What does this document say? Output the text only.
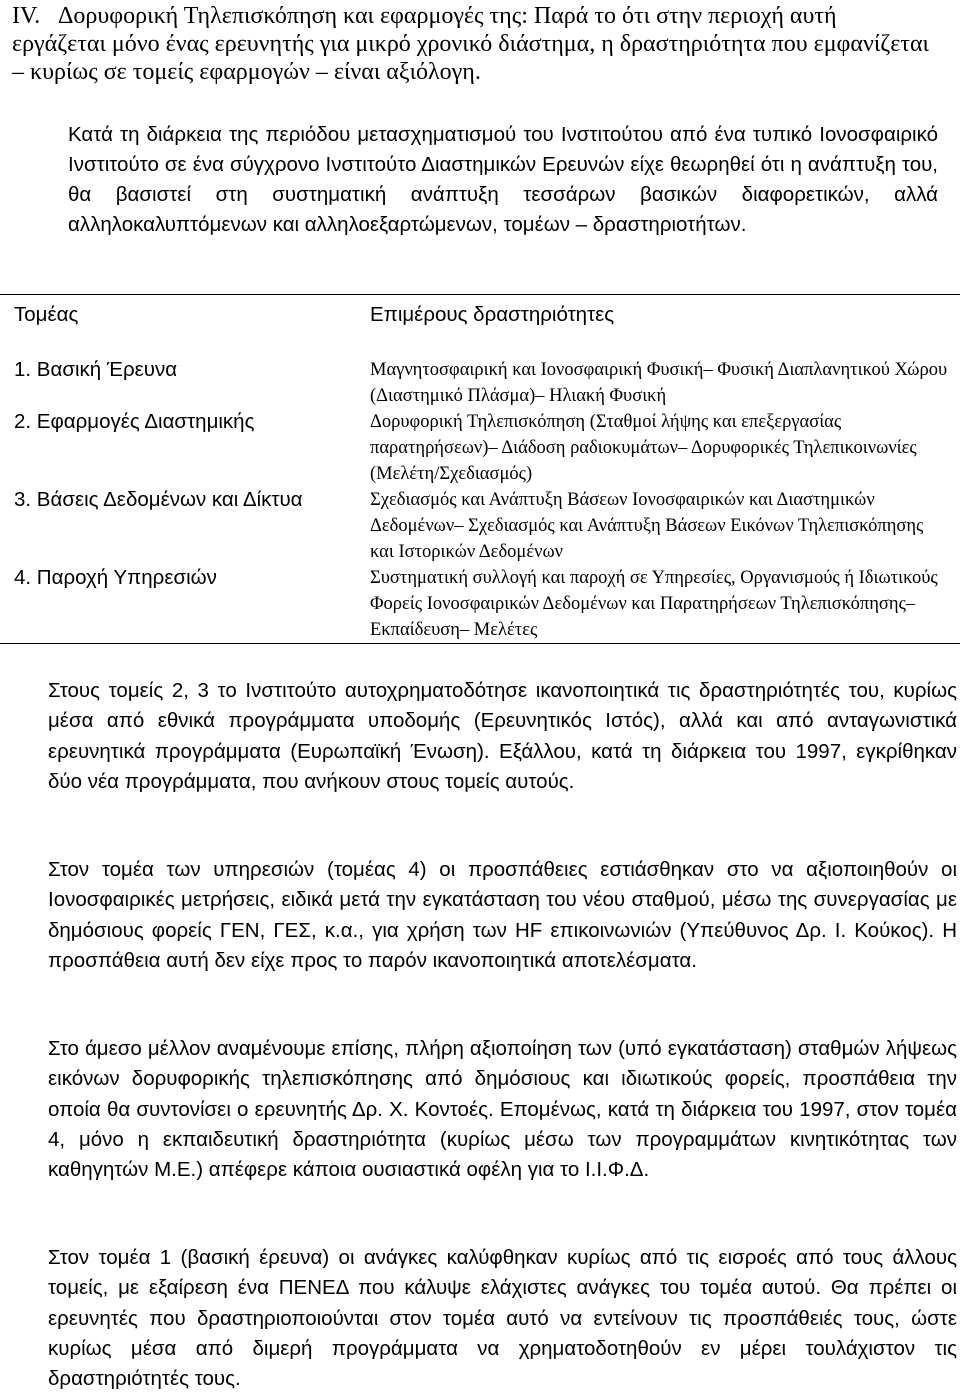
IV. Δορυφορική Τηλεπισκόπηση και εφαρμογές της: Παρά το ότι στην περιοχή αυτή εργάζεται μόνο ένας ερευνητής για μικρό χρονικό διάστημα, η δραστηριότητα που εμφανίζεται – κυρίως σε τομείς εφαρμογών – είναι αξιόλογη.

Κατά τη διάρκεια της περιόδου μετασχηματισμού του Ινστιτούτου από ένα τυπικό Ιονοσφαιρικό Ινστιτούτο σε ένα σύγχρονο Ινστιτούτο Διαστημικών Ερευνών είχε θεωρηθεί ότι η ανάπτυξη του, θα βασιστεί στη συστηματική ανάπτυξη τεσσάρων βασικών διαφορετικών, αλλά αλληλοκαλυπτόμενων και αλληλοεξαρτώμενων, τομέων – δραστηριοτήτων.

Τομέας	Επιμέρους δραστηριότητες
1. Βασική Έρευνα	Μαγνητοσφαιρική και Ιονοσφαιρική Φυσική– Φυσική Διαπλανητικού Χώρου (Διαστημικό Πλάσμα)– Ηλιακή Φυσική
2. Εφαρμογές Διαστημικής	Δορυφορική Τηλεπισκόπηση (Σταθμοί λήψης και επεξεργασίας παρατηρήσεων)– Διάδοση ραδιοκυμάτων– Δορυφορικές Τηλεπικοινωνίες (Μελέτη/Σχεδιασμός)
3. Βάσεις Δεδομένων και Δίκτυα	Σχεδιασμός και Ανάπτυξη Βάσεων Ιονοσφαιρικών και Διαστημικών Δεδομένων– Σχεδιασμός και Ανάπτυξη Βάσεων Εικόνων Τηλεπισκόπησης και Ιστορικών Δεδομένων
4. Παροχή Υπηρεσιών	Συστηματική συλλογή και παροχή σε Υπηρεσίες, Οργανισμούς ή Ιδιωτικούς Φορείς Ιονοσφαιρικών Δεδομένων και Παρατηρήσεων Τηλεπισκόπησης– Εκπαίδευση– Μελέτες

Στους τομείς 2, 3 το Ινστιτούτο αυτοχρηματοδότησε ικανοποιητικά τις δραστηριότητές του, κυρίως μέσα από εθνικά προγράμματα υποδομής (Ερευνητικός Ιστός), αλλά και από ανταγωνιστικά ερευνητικά προγράμματα (Ευρωπαϊκή Ένωση). Εξάλλου, κατά τη διάρκεια του 1997, εγκρίθηκαν δύο νέα προγράμματα, που ανήκουν στους τομείς αυτούς.

Στον τομέα των υπηρεσιών (τομέας 4) οι προσπάθειες εστιάσθηκαν στο να αξιοποιηθούν οι Ιονοσφαιρικές μετρήσεις, ειδικά μετά την εγκατάσταση του νέου σταθμού, μέσω της συνεργασίας με δημόσιους φορείς ΓΕΝ, ΓΕΣ, κ.α., για χρήση των HF επικοινωνιών (Υπεύθυνος Δρ. Ι. Κούκος). Η προσπάθεια αυτή δεν είχε προς το παρόν ικανοποιητικά αποτελέσματα.

Στο άμεσο μέλλον αναμένουμε επίσης, πλήρη αξιοποίηση των (υπό εγκατάσταση) σταθμών λήψεως εικόνων δορυφορικής τηλεπισκόπησης από δημόσιους και ιδιωτικούς φορείς, προσπάθεια την οποία θα συντονίσει ο ερευνητής Δρ. Χ. Κοντοές. Επομένως, κατά τη διάρκεια του 1997, στον τομέα 4, μόνο η εκπαιδευτική δραστηριότητα (κυρίως μέσω των προγραμμάτων κινητικότητας των καθηγητών Μ.Ε.) απέφερε κάποια ουσιαστικά οφέλη για το Ι.Ι.Φ.Δ.

Στον τομέα 1 (βασική έρευνα) οι ανάγκες καλύφθηκαν κυρίως από τις εισροές από τους άλλους τομείς, με εξαίρεση ένα ΠΕΝΕΔ που κάλυψε ελάχιστες ανάγκες του τομέα αυτού. Θα πρέπει οι ερευνητές που δραστηριοποιούνται στον τομέα αυτό να εντείνουν τις προσπάθειές τους, ώστε κυρίως μέσα από διμερή προγράμματα να χρηματοδοτηθούν εν μέρει τουλάχιστον τις δραστηριότητές τους.
